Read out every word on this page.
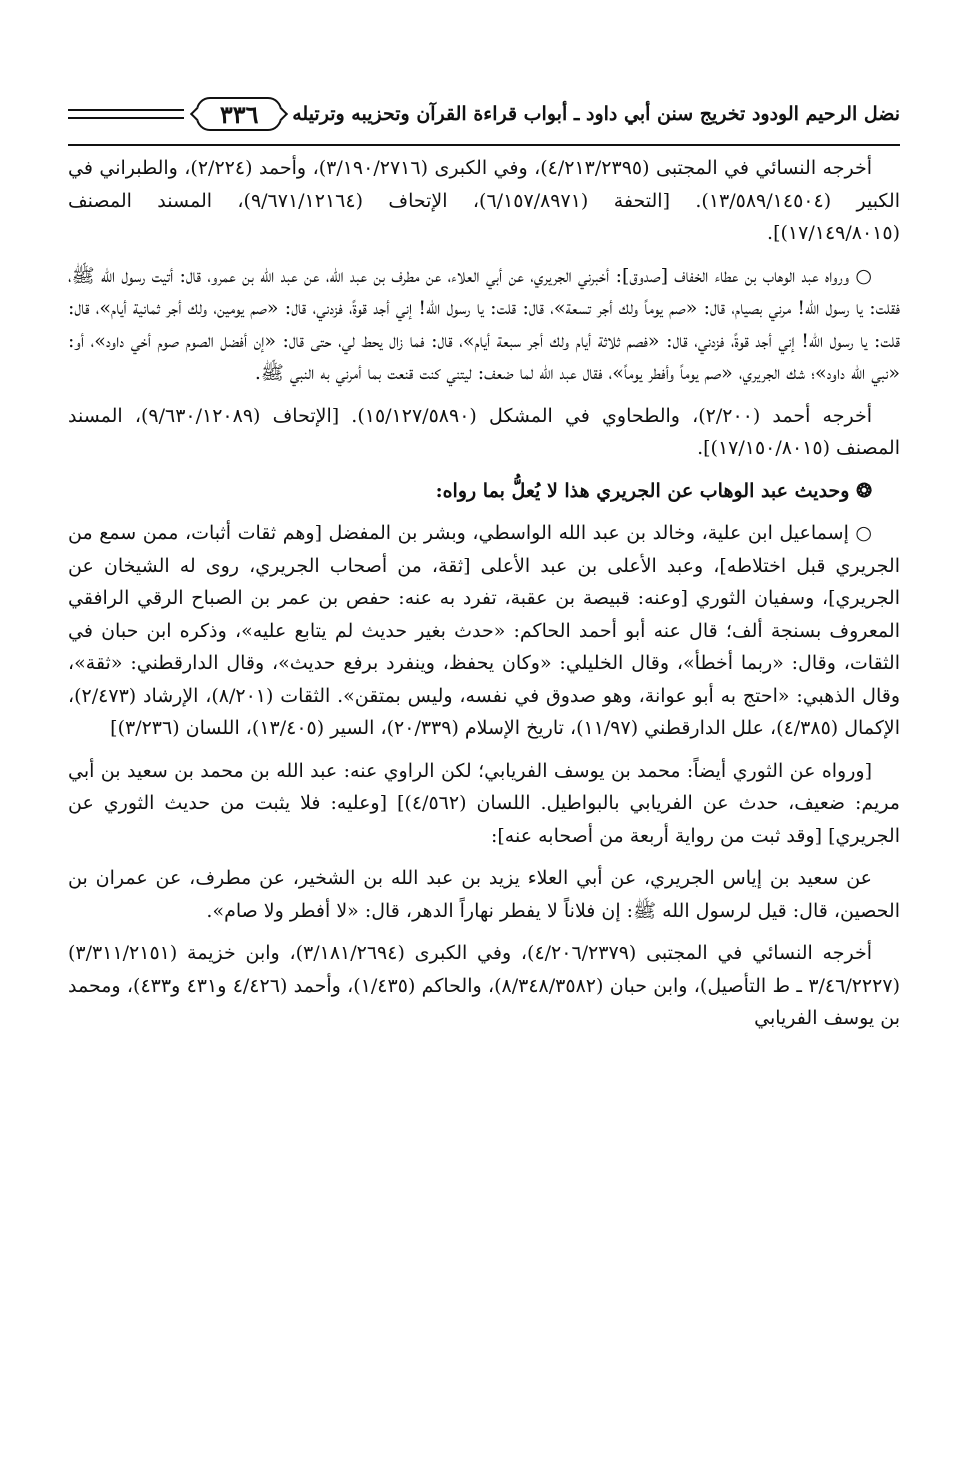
نضل الرحيم الودود تخريج سنن أبي داود ـ أبواب قراءة القرآن وتحزيبه وترتيله
٣٣٦

أخرجه النسائي في المجتبى (٤/٢١٣/٢٣٩٥)، وفي الكبرى (٣/١٩٠/٢٧١٦)، وأحمد (٢/٢٢٤)، والطبراني في الكبير (١٣/٥٨٩/١٤٥٠٤). [التحفة (٦/١٥٧/٨٩٧١)، الإتحاف (٩/٦٧١/١٢١٦٤)، المسند المصنف (١٧/١٤٩/٨٠١٥)].

○ ورواه عبد الوهاب بن عطاء الخفاف [صدوق]: أخبرني الجريري، عن أبي العلاء، عن مطرف بن عبد الله، عن عبد الله بن عمرو، قال: أتيت رسول الله ﷺ، فقلت: يا رسول الله! مرني بصيام، قال: «صم يوماً ولك أجر تسعة»، قال: قلت: يا رسول الله! إني أجد قوةً، فزدني، قال: «صم يومين، ولك أجر ثمانية أيام»، قال: قلت: يا رسول الله! إني أجد قوةً، فزدني، قال: «فصم ثلاثة أيام ولك أجر سبعة أيام»، قال: فما زال يحط لي، حتى قال: «إن أفضل الصوم صوم أخي داود»، أو: «نبي الله داود»؛ شك الجريري، «صم يوماً وأفطر يوماً»، فقال عبد الله لما ضعف: ليتني كنت قنعت بما أمرني به النبي ﷺ.

أخرجه أحمد (٢/٢٠٠)، والطحاوي في المشكل (١٥/١٢٧/٥٨٩٠). [الإتحاف (٩/٦٣٠/١٢٠٨٩)، المسند المصنف (١٧/١٥٠/٨٠١٥)].

❂ وحديث عبد الوهاب عن الجريري هذا لا يُعلُّ بما رواه:

○ إسماعيل ابن علية، وخالد بن عبد الله الواسطي، وبشر بن المفضل [وهم ثقات أثبات، ممن سمع من الجريري قبل اختلاطه]، وعبد الأعلى بن عبد الأعلى [ثقة، من أصحاب الجريري، روى له الشيخان عن الجريري]، وسفيان الثوري [وعنه: قبيصة بن عقبة، تفرد به عنه: حفص بن عمر بن الصباح الرقي الرافقي المعروف بسنجة ألف؛ قال عنه أبو أحمد الحاكم: «حدث بغير حديث لم يتابع عليه»، وذكره ابن حبان في الثقات، وقال: «ربما أخطأ»، وقال الخليلي: «وكان يحفظ، وينفرد برفع حديث»، وقال الدارقطني: «ثقة»، وقال الذهبي: «احتج به أبو عوانة، وهو صدوق في نفسه، وليس بمتقن». الثقات (٨/٢٠١)، الإرشاد (٢/٤٧٣)، الإكمال (٤/٣٨٥)، علل الدارقطني (١١/٩٧)، تاريخ الإسلام (٢٠/٣٣٩)، السير (١٣/٤٠٥)، اللسان (٣/٢٣٦)]

[ورواه عن الثوري أيضاً: محمد بن يوسف الفريابي؛ لكن الراوي عنه: عبد الله بن محمد بن سعيد بن أبي مريم: ضعيف، حدث عن الفريابي بالبواطيل. اللسان (٤/٥٦٢)] [وعليه: فلا يثبت من حديث الثوري عن الجريري] [وقد ثبت من رواية أربعة من أصحابه عنه]:

عن سعيد بن إياس الجريري، عن أبي العلاء يزيد بن عبد الله بن الشخير، عن مطرف، عن عمران بن الحصين، قال: قيل لرسول الله ﷺ: إن فلاناً لا يفطر نهاراً الدهر، قال: «لا أفطر ولا صام».

أخرجه النسائي في المجتبى (٤/٢٠٦/٢٣٧٩)، وفي الكبرى (٣/١٨١/٢٦٩٤)، وابن خزيمة (٣/٣١١/٢١٥١) (٣/٤٦/٢٢٢٧ ـ ط التأصيل)، وابن حبان (٨/٣٤٨/٣٥٨٢)، والحاكم (١/٤٣٥)، وأحمد (٤/٤٢٦ و٤٣١ و٤٣٣)، ومحمد بن يوسف الفريابي
